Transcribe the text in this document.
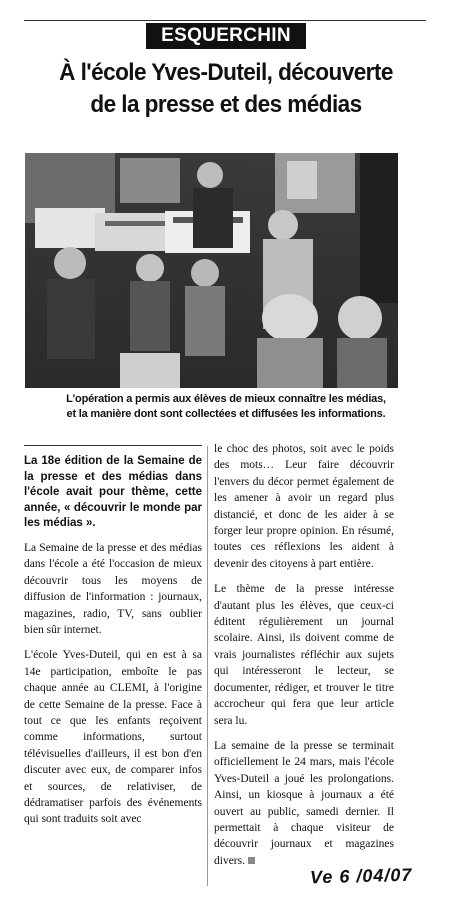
ESQUERCHIN
À l'école Yves-Duteil, découverte
de la presse et des médias
L'opération a permis aux élèves de mieux connaître les médias,
et la manière dont sont collectées et diffusées les informations.
La 18e édition de la Semaine de la presse et des médias dans l'école avait pour thème, cette année, « découvrir le monde par les médias ».

La Semaine de la presse et des médias dans l'école a été l'occasion de mieux découvrir tous les moyens de diffusion de l'information : journaux, magazines, radio, TV, sans oublier bien sûr internet.

L'école Yves-Duteil, qui en est à sa 14e participation, emboîte le pas chaque année au CLEMI, à l'origine de cette Semaine de la presse. Face à tout ce que les enfants reçoivent comme informations, surtout télévisuelles d'ailleurs, il est bon d'en discuter avec eux, de comparer infos et sources, de relativiser, de dédramatiser parfois des événements qui sont traduits soit avec

le choc des photos, soit avec le poids des mots… Leur faire découvrir l'envers du décor permet également de les amener à avoir un regard plus distancié, et donc de les aider à se forger leur propre opinion. En résumé, toutes ces réflexions les aident à devenir des citoyens à part entière.

Le thème de la presse intéresse d'autant plus les élèves, que ceux-ci éditent régulièrement un journal scolaire. Ainsi, ils doivent comme de vrais journalistes réfléchir aux sujets qui intéresseront le lecteur, se documenter, rédiger, et trouver le titre accrocheur qui fera que leur article sera lu.

La semaine de la presse se terminait officiellement le 24 mars, mais l'école Yves-Duteil a joué les prolongations. Ainsi, un kiosque à journaux a été ouvert au public, samedi dernier. Il permettait à chaque visiteur de découvrir journaux et magazines divers.

Ve 6 /04/07
